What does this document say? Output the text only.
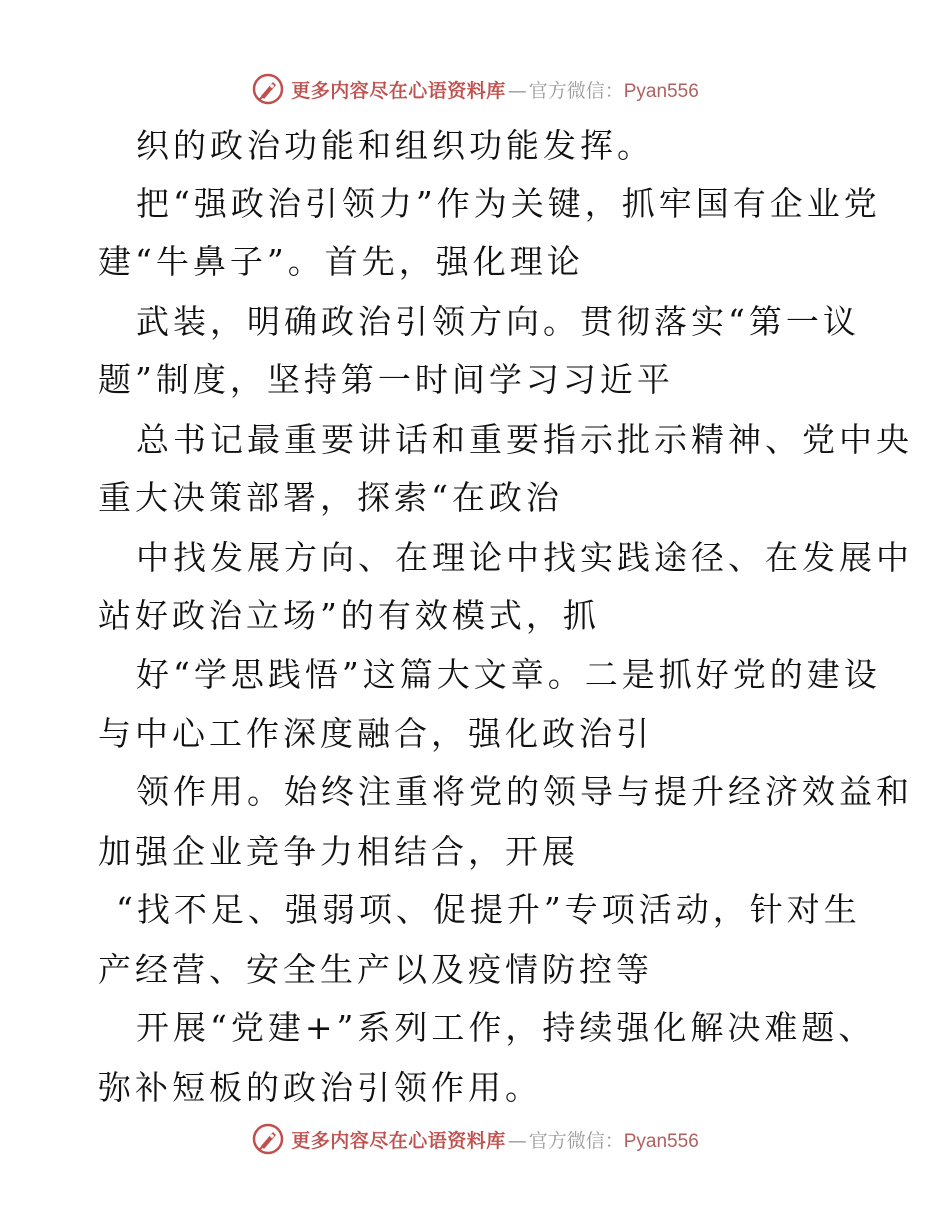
更多内容尽在心语资料库 — 官方微信： Pyan556
织的政治功能和组织功能发挥。
把“强政治引领力”作为关键，抓牢国有企业党
建“牛鼻子”。首先，强化理论
武装，明确政治引领方向。贯彻落实“第一议
题”制度，坚持第一时间学习习近平
总书记最重要讲话和重要指示批示精神、党中央
重大决策部署，探索“在政治
中找发展方向、在理论中找实践途径、在发展中
站好政治立场”的有效模式，抓
好“学思践悟”这篇大文章。二是抓好党的建设
与中心工作深度融合，强化政治引
领作用。始终注重将党的领导与提升经济效益和
加强企业竞争力相结合，开展
“找不足、强弱项、促提升”专项活动，针对生
产经营、安全生产以及疫情防控等
开展“党建+”系列工作，持续强化解决难题、
弥补短板的政治引领作用。
更多内容尽在心语资料库 — 官方微信： Pyan556
